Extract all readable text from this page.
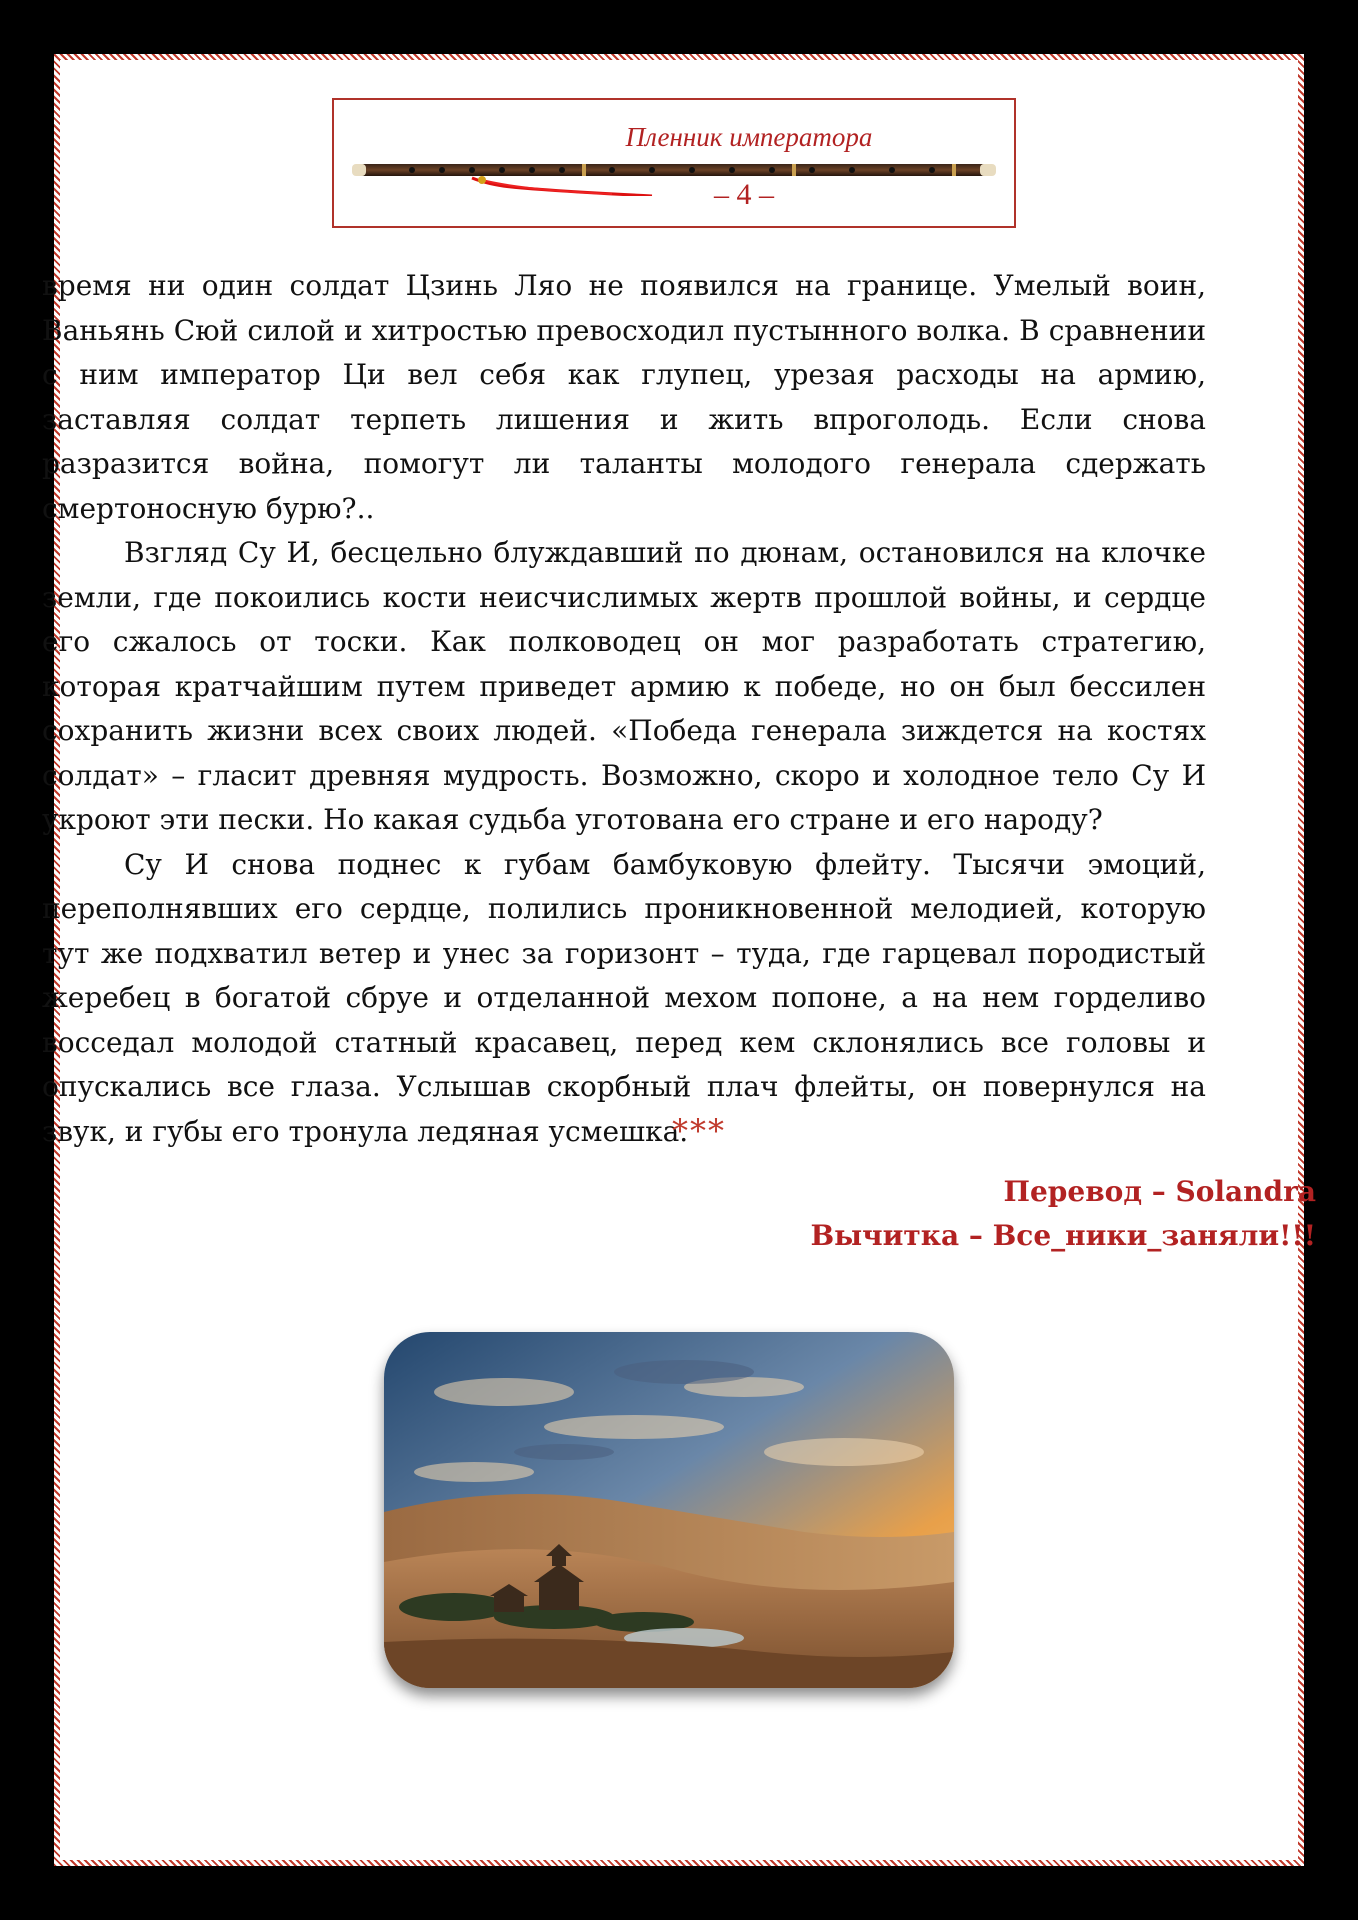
Пленник императора
– 4 –

время ни один солдат Цзинь Ляо не появился на границе. Умелый воин, Ваньянь Сюй силой и хитростью превосходил пустынного волка. В сравнении с ним император Ци вел себя как глупец, урезая расходы на армию, заставляя солдат терпеть лишения и жить впроголодь. Если снова разразится война, помогут ли таланты молодого генерала сдержать смертоносную бурю?..

Взгляд Су И, бесцельно блуждавший по дюнам, остановился на клочке земли, где покоились кости неисчислимых жертв прошлой войны, и сердце его сжалось от тоски. Как полководец он мог разработать стратегию, которая кратчайшим путем приведет армию к победе, но он был бессилен сохранить жизни всех своих людей. «Победа генерала зиждется на костях солдат» – гласит древняя мудрость. Возможно, скоро и холодное тело Су И укроют эти пески. Но какая судьба уготована его стране и его народу?

Су И снова поднес к губам бамбуковую флейту. Тысячи эмоций, переполнявших его сердце, полились проникновенной мелодией, которую тут же подхватил ветер и унес за горизонт – туда, где гарцевал породистый жеребец в богатой сбруе и отделанной мехом попоне, а на нем горделиво восседал молодой статный красавец, перед кем склонялись все головы и опускались все глаза. Услышав скорбный плач флейты, он повернулся на звук, и губы его тронула ледяная усмешка.

***
Перевод – Solandra
Вычитка – Все_ники_заняли!!!
